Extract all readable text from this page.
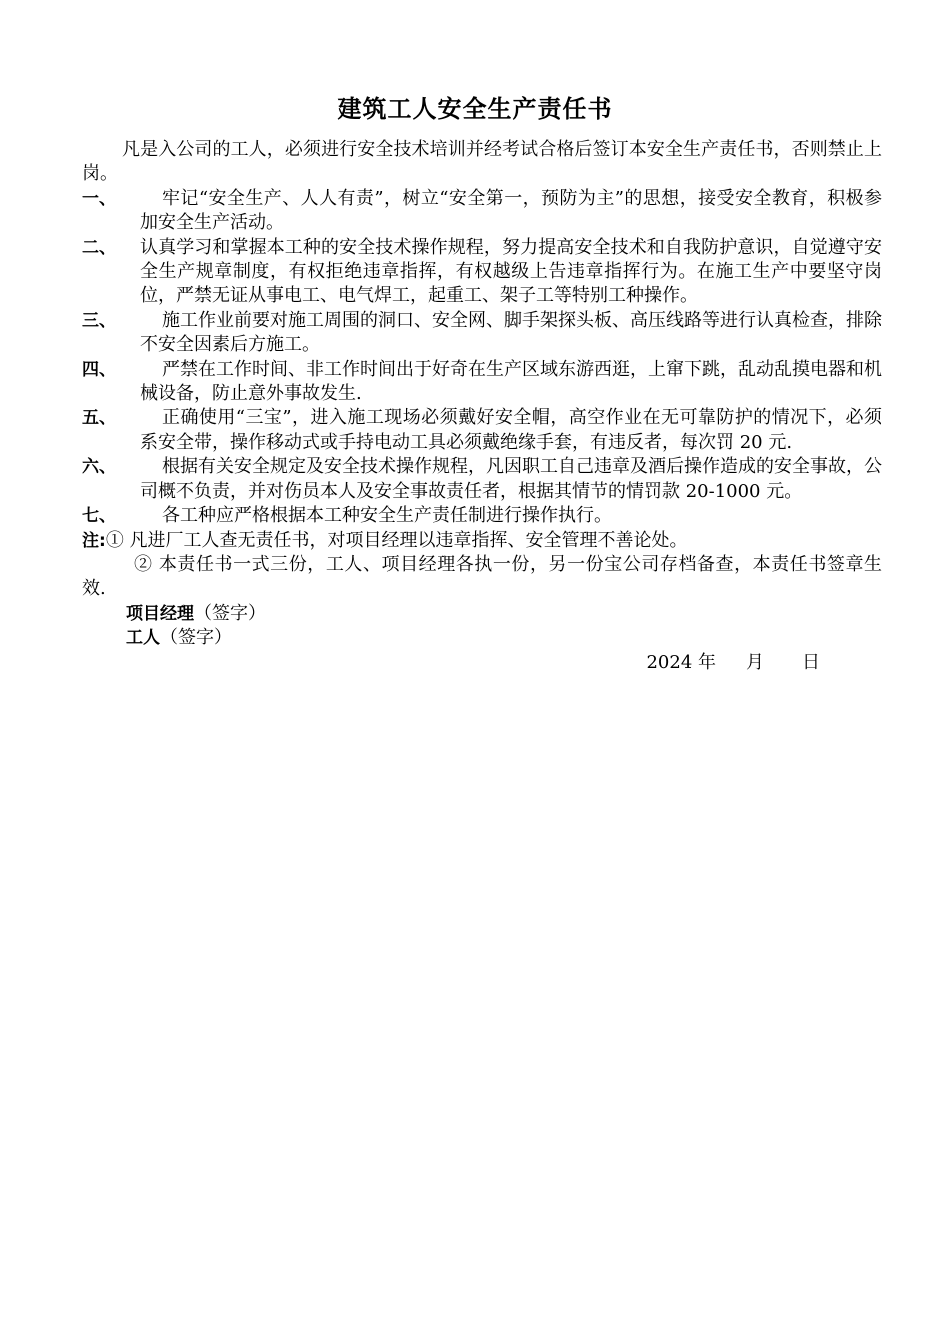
建筑工人安全生产责任书

凡是入公司的工人，必须进行安全技术培训并经考试合格后签订本安全生产责任书，否则禁止上岗。

一、	牢记“安全生产、人人有责”，树立“安全第一，预防为主”的思想，接受安全教育，积极参加安全生产活动。
二、	认真学习和掌握本工种的安全技术操作规程，努力提高安全技术和自我防护意识，自觉遵守安全生产规章制度，有权拒绝违章指挥，有权越级上告违章指挥行为。在施工生产中要坚守岗位，严禁无证从事电工、电气焊工，起重工、架子工等特别工种操作。
三、	施工作业前要对施工周围的洞口、安全网、脚手架探头板、高压线路等进行认真检查，排除不安全因素后方施工。
四、	严禁在工作时间、非工作时间出于好奇在生产区域东游西逛，上窜下跳，乱动乱摸电器和机械设备，防止意外事故发生.
五、	正确使用“三宝”，进入施工现场必须戴好安全帽，高空作业在无可靠防护的情况下，必须系安全带，操作移动式或手持电动工具必须戴绝缘手套，有违反者，每次罚 20 元.
六、	根据有关安全规定及安全技术操作规程，凡因职工自己违章及酒后操作造成的安全事故，公司概不负责，并对伤员本人及安全事故责任者，根据其情节的情罚款 20-1000 元。
七、	各工种应严格根据本工种安全生产责任制进行操作执行。

注:① 凡进厂工人查无责任书，对项目经理以违章指挥、安全管理不善论处。

② 本责任书一式三份，工人、项目经理各执一份，另一份宝公司存档备查，本责任书签章生效.

项目经理（签字）

工人（签字）

2024 年 月 日
